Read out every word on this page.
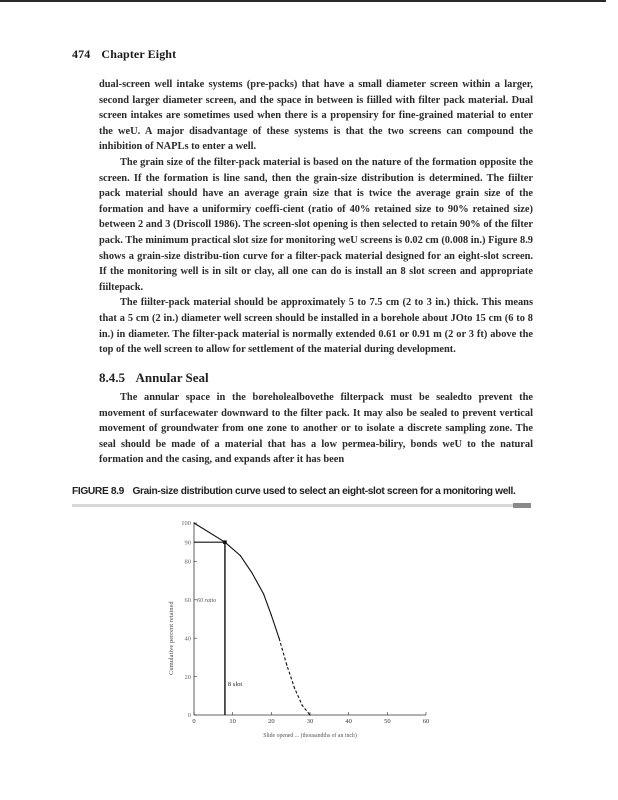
474 Chapter Eight

dual-screen well intake systems (pre-packs) that have a small diameter screen within a larger, second larger diameter screen, and the space in between is fiilled with filter pack material. Dual screen intakes are sometimes used when there is a propensiry for fine-grained material to enter the weU. A major disadvantage of these systems is that the two screens can compound the inhibition of NAPLs to enter a well.

The grain size of the filter-pack material is based on the nature of the formation opposite the screen. If the formation is line sand, then the grain-size distribution is determined. The fiilter pack material should have an average grain size that is twice the average grain size of the formation and have a uniformiry coeffi-cient (ratio of 40% retained size to 90% retained size) between 2 and 3 (Driscoll 1986). The screen-slot opening is then selected to retain 90% of the filter pack. The minimum practical slot size for monitoring weU screens is 0.02 cm (0.008 in.) Figure 8.9 shows a grain-size distribu-tion curve for a filter-pack material designed for an eight-slot screen. If the monitoring well is in silt or clay, all one can do is install an 8 slot screen and appropriate fiiltepack.

The fiilter-pack material should be approximately 5 to 7.5 cm (2 to 3 in.) thick. This means that a 5 cm (2 in.) diameter well screen should be installed in a borehole about JOto 15 cm (6 to 8 in.) in diameter. The filter-pack material is normally extended 0.61 or 0.91 m (2 or 3 ft) above the top of the well screen to allow for settlement of the material during development.

8.4.5 Annular Seal

The annular space in the boreholealbovethe filterpack must be sealedto prevent the movement of surfacewater downward to the filter pack. It may also be sealed to prevent vertical movement of groundwater from one zone to another or to isolate a discrete sampling zone. The seal should be made of a material that has a low permea-biliry, bonds weU to the natural formation and the casing, and expands after it has been

FIGURE 8.9 Grain-size distribution curve used to select an eight-slot screen for a monitoring well.
0	10	20	30	40	50	60
0
20
40
60
80
90
100
Cumulative percent retained
Slide opened ... (thousandths of an inch)
60 ratio
8 slot
